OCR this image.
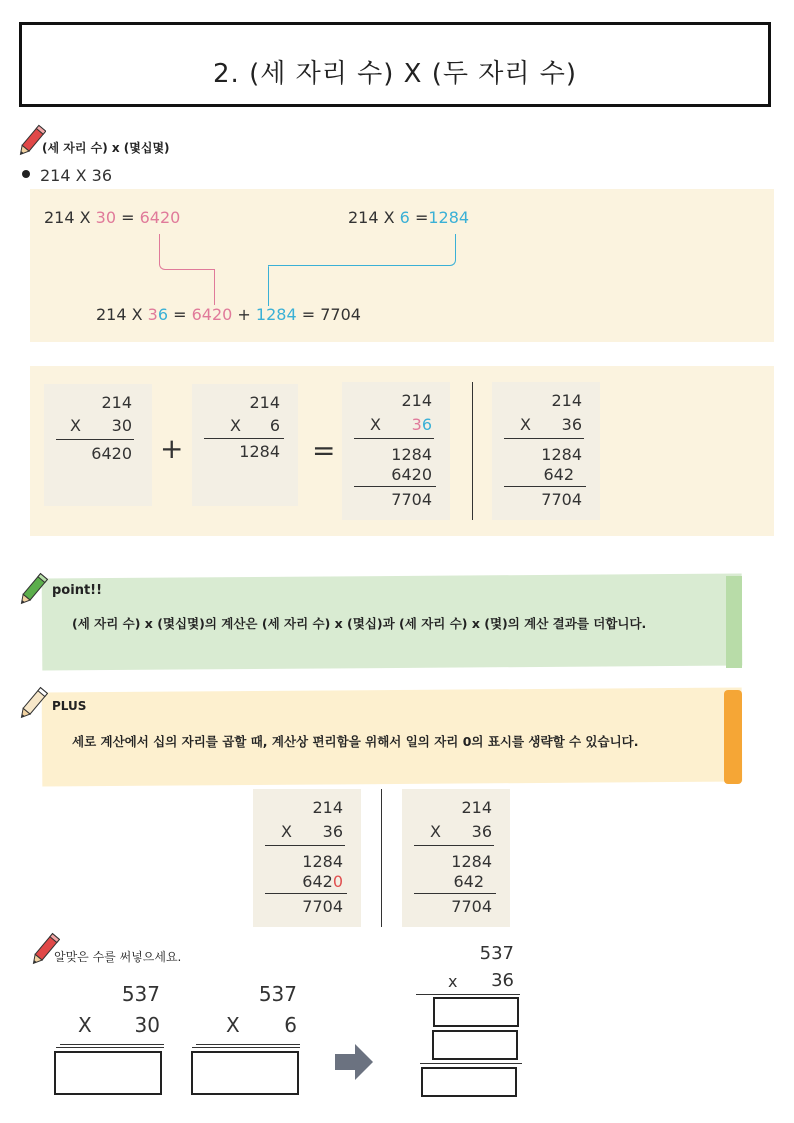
2. (세 자리 수) X (두 자리 수)
(세 자리 수) x (몇십몇)
214 X 36
214 X 30 = 6420	214 X 6 =1284
214 X 36 = 6420 + 1284 = 7704
214
X 30
6420 +
214
X 6
1284 =
214
X 36
1284
6420
7704
214
X 36
1284
642
7704
point!!
(세 자리 수) x (몇십몇)의 계산은 (세 자리 수) x (몇십)과 (세 자리 수) x (몇)의 계산 결과를 더합니다.
PLUS
세로 계산에서 십의 자리를 곱할 때, 계산상 편리함을 위해서 일의 자리 0의 표시를 생략할 수 있습니다.
214
X 36
1284
6420
7704
214
X 36
1284
642
7704
알맞은 수를 써넣으세요.
537
X 30
537
X 6
537
x 36
